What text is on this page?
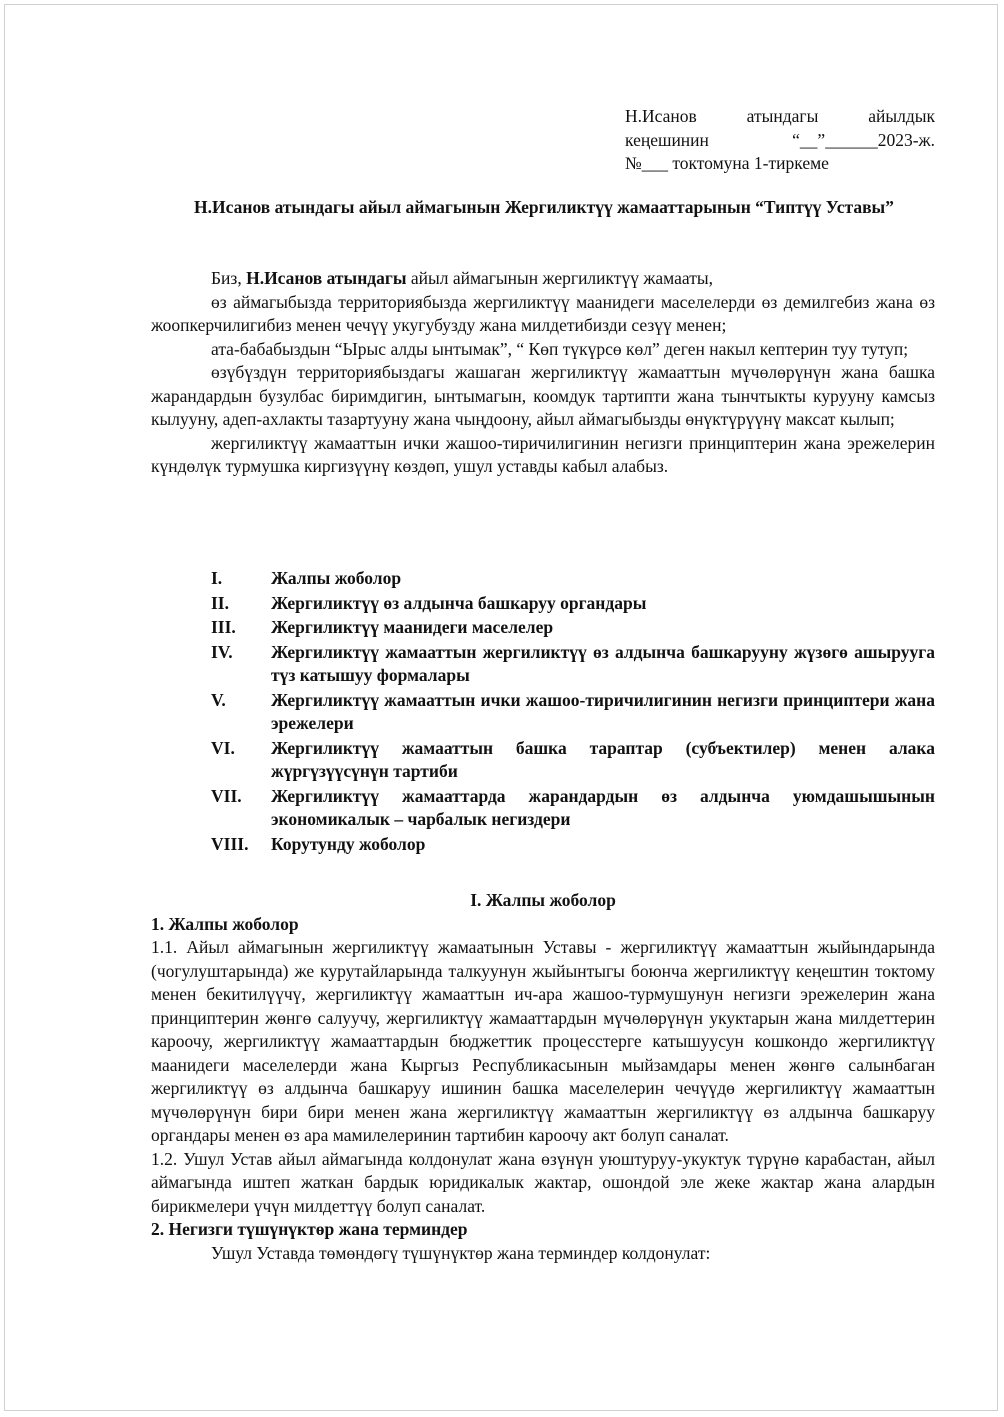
Н.Исанов атындагы айылдык
кеңешинин “__”______2023-ж.
№___ токтомуна 1-тиркеме
Н.Исанов атындагы айыл аймагынын Жергиликтүү жамааттарынын “Типтүү Уставы”

Биз, Н.Исанов атындагы айыл аймагынын жергиликтүү жамааты,

өз аймагыбызда территориябызда жергиликтүү маанидеги маселелерди өз демилгебиз жана өз жоопкерчилигибиз менен чечүү укугубузду жана милдетибизди сезүү менен;

ата-бабабыздын “Ырыс алды ынтымак”, “ Көп түкүрсө көл” деген накыл кептерин туу тутуп;

өзүбүздүн территориябыздагы жашаган жергиликтүү жамааттын мүчөлөрүнүн жана башка жарандардын бузулбас биримдигин, ынтымагын, коомдук тартипти жана тынчтыкты курууну камсыз кылууну, адеп-ахлакты тазартууну жана чыңдоону, айыл аймагыбызды өнүктүрүүнү максат кылып;

жергиликтүү жамааттын ички жашоо-тиричилигинин негизги принциптерин жана эрежелерин күндөлүк турмушка киргизүүнү көздөп, ушул уставды кабыл алабыз.

I.	Жалпы жоболор
II.	Жергиликтүү өз алдынча башкаруу органдары
III.	Жергиликтүү маанидеги маселелер
IV.	Жергиликтүү жамааттын жергиликтүү өз алдынча башкарууну жүзөгө ашырууга түз катышуу формалары
V.	Жергиликтүү жамааттын ички жашоо-тиричилигинин негизги принциптери жана эрежелери
VI.	Жергиликтүү жамааттын башка тараптар (субъектилер) менен алака жүргүзүүсүнүн тартиби
VII.	Жергиликтүү жамааттарда жарандардын өз алдынча уюмдашышынын экономикалык – чарбалык негиздери
VIII.	Корутунду жоболор
I. Жалпы жоболор
1. Жалпы жоболор

1.1. Айыл аймагынын жергиликтүү жамаатынын Уставы - жергиликтүү жамааттын жыйындарында (чогулуштарында) же курутайларында талкуунун жыйынтыгы боюнча жергиликтүү кеңештин токтому менен бекитилүүчү, жергиликтүү жамааттын ич-ара жашоо-турмушунун негизги эрежелерин жана принциптерин жөнгө салуучу, жергиликтүү жамааттардын мүчөлөрүнүн укуктарын жана милдеттерин кароочу, жергиликтүү жамааттардын бюджеттик процесстерге катышуусун кошкондо жергиликтүү маанидеги маселелерди жана Кыргыз Республикасынын мыйзамдары менен жөнгө салынбаган жергиликтүү өз алдынча башкаруу ишинин башка маселелерин чечүүдө жергиликтүү жамааттын мүчөлөрүнүн бири бири менен жана жергиликтүү жамааттын жергиликтүү өз алдынча башкаруу органдары менен өз ара мамилелеринин тартибин кароочу акт болуп саналат.

1.2. Ушул Устав айыл аймагында колдонулат жана өзүнүн уюштуруу-укуктук түрүнө карабастан, айыл аймагында иштеп жаткан бардык юридикалык жактар, ошондой эле жеке жактар жана алардын бирикмелери үчүн милдеттүү болуп саналат.

2. Негизги түшүнүктөр жана терминдер

Ушул Уставда төмөндөгү түшүнүктөр жана терминдер колдонулат:
